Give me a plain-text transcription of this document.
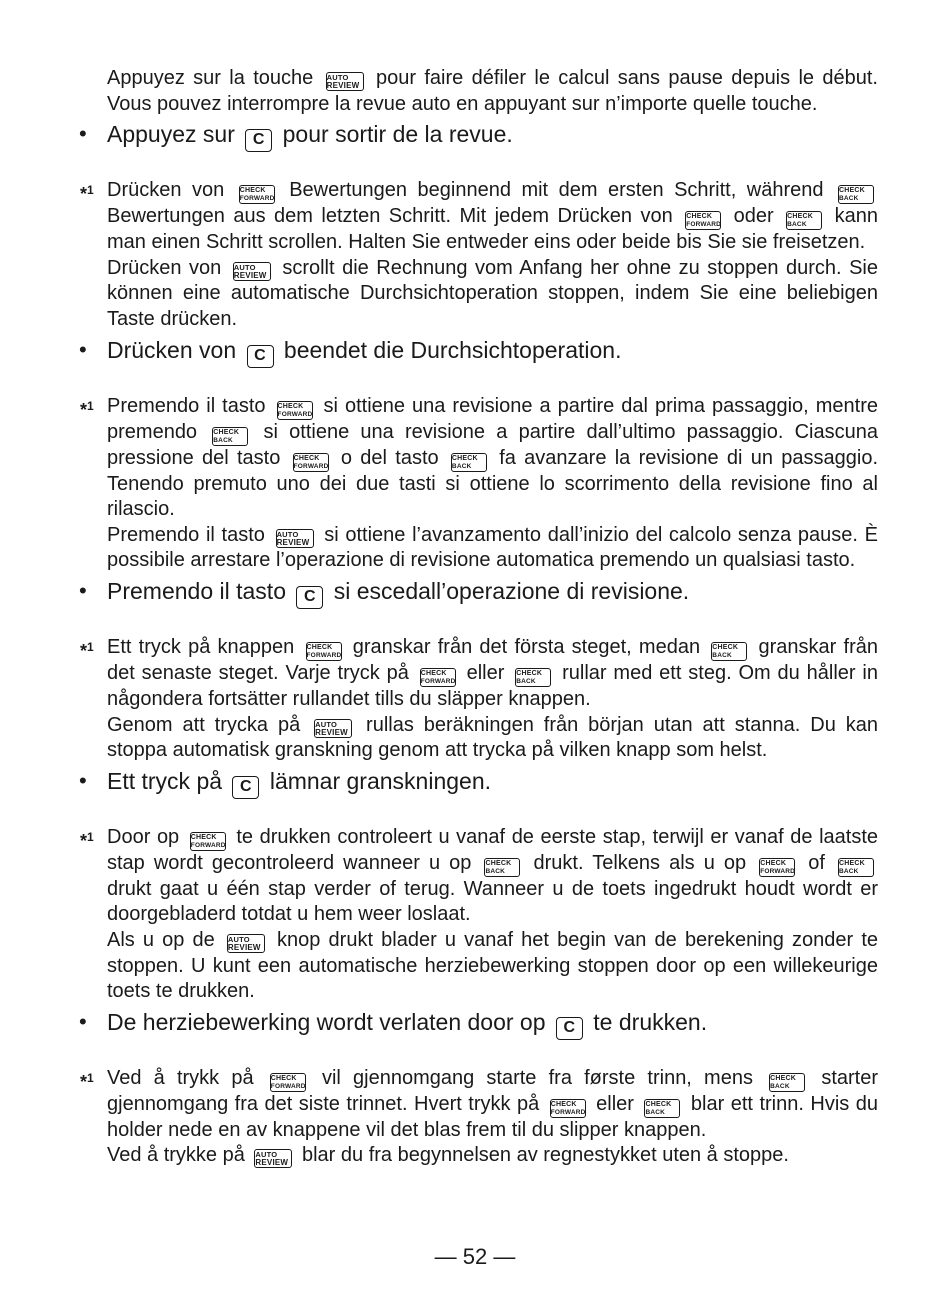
Appuyez sur la touche AUTO
REVIEW pour faire défiler le calcul sans pause depuis le début. Vous pouvez interrompre la revue auto en appuyant sur n’importe quelle touche.
• Appuyez sur C pour sortir de la revue.
*$^1$ Drücken von CHECK
FORWARD Bewertungen beginnend mit dem ersten Schritt, während CHECK
BACK
Bewertungen aus dem letzten Schritt. Mit jedem Drücken von CHECK
FORWARD oder CHECK
BACK kann man einen Schritt scrollen. Halten Sie entweder eins oder beide bis Sie sie freisetzen.
Drücken von AUTO
REVIEW scrollt die Rechnung vom Anfang her ohne zu stoppen durch. Sie können eine automatische Durchsichtoperation stoppen, indem Sie eine beliebigen Taste drücken.
• Drücken von C beendet die Durchsichtoperation.
*$^1$ Premendo il tasto CHECK
FORWARD si ottiene una revisione a partire dal prima passaggio, mentre premendo CHECK
BACK si ottiene una revisione a partire dall’ultimo passaggio. Ciascuna pressione del tasto CHECK
FORWARD o del tasto CHECK
BACK fa avanzare la revisione di un passaggio. Tenendo premuto uno dei due tasti si ottiene lo scorrimento della revisione fino al rilascio.
Premendo il tasto AUTO
REVIEW si ottiene l’avanzamento dall’inizio del calcolo senza pause. È possibile arrestare l’operazione di revisione automatica premendo un qualsiasi tasto.
• Premendo il tasto C si escedall’operazione di revisione.
*$^1$ Ett tryck på knappen CHECK
FORWARD granskar från det första steget, medan CHECK
BACK granskar från det senaste steget. Varje tryck på CHECK
FORWARD eller CHECK
BACK rullar med ett steg. Om du håller in någondera fortsätter rullandet tills du släpper knappen.
Genom att trycka på AUTO
REVIEW rullas beräkningen från början utan att stanna. Du kan stoppa automatisk granskning genom att trycka på vilken knapp som helst.
• Ett tryck på C lämnar granskningen.
*$^1$ Door op CHECK
FORWARD te drukken controleert u vanaf de eerste stap, terwijl er vanaf de laatste stap wordt gecontroleerd wanneer u op CHECK
BACK drukt. Telkens als u op CHECK
FORWARD of CHECK
BACK
drukt gaat u één stap verder of terug. Wanneer u de toets ingedrukt houdt wordt er doorgebladerd totdat u hem weer loslaat.
Als u op de AUTO
REVIEW knop drukt blader u vanaf het begin van de berekening zonder te stoppen. U kunt een automatische herziebewerking stoppen door op een willekeurige toets te drukken.
• De herziebewerking wordt verlaten door op C te drukken.
*$^1$ Ved å trykk på CHECK
FORWARD vil gjennomgang starte fra første trinn, mens CHECK
BACK starter gjennomgang fra det siste trinnet. Hvert trykk på CHECK
FORWARD eller CHECK
BACK blar ett trinn. Hvis du holder nede en av knappene vil det blas frem til du slipper knappen.
Ved å trykke på AUTO
REVIEW blar du fra begynnelsen av regnestykket uten å stoppe.
— 52 —
